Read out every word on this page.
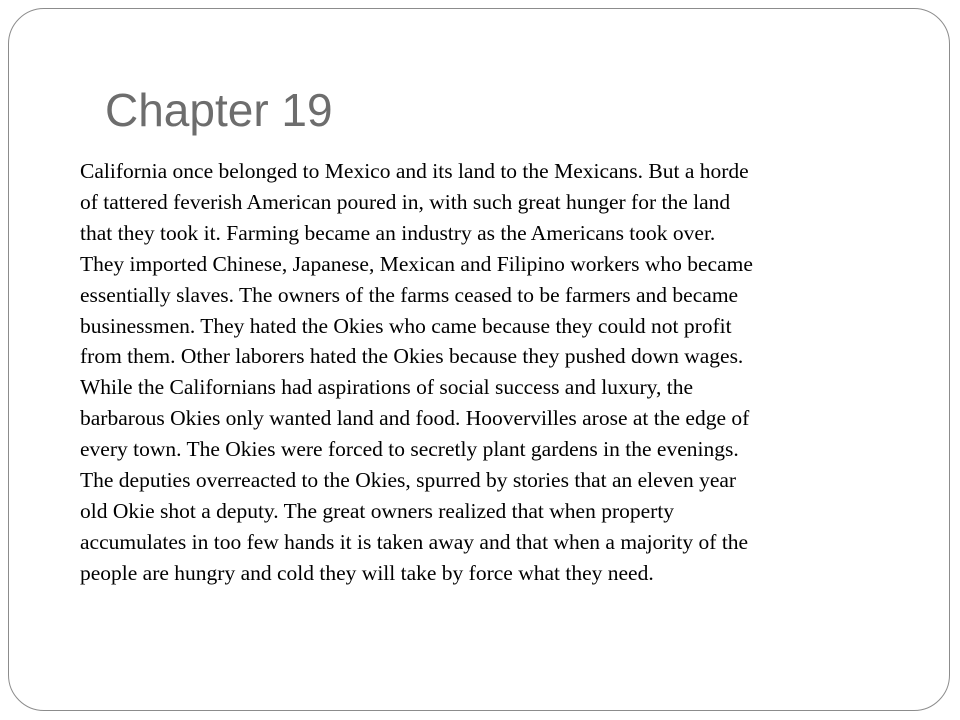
Chapter 19
California once belonged to Mexico and its land to the Mexicans. But a horde
of tattered feverish American poured in, with such great hunger for the land
that they took it. Farming became an industry as the Americans took over.
They imported Chinese, Japanese, Mexican and Filipino workers who became
essentially slaves. The owners of the farms ceased to be farmers and became
businessmen. They hated the Okies who came because they could not profit
from them. Other laborers hated the Okies because they pushed down wages.
While the Californians had aspirations of social success and luxury, the
barbarous Okies only wanted land and food. Hoovervilles arose at the edge of
every town. The Okies were forced to secretly plant gardens in the evenings.
The deputies overreacted to the Okies, spurred by stories that an eleven year
old Okie shot a deputy. The great owners realized that when property
accumulates in too few hands it is taken away and that when a majority of the
people are hungry and cold they will take by force what they need.
